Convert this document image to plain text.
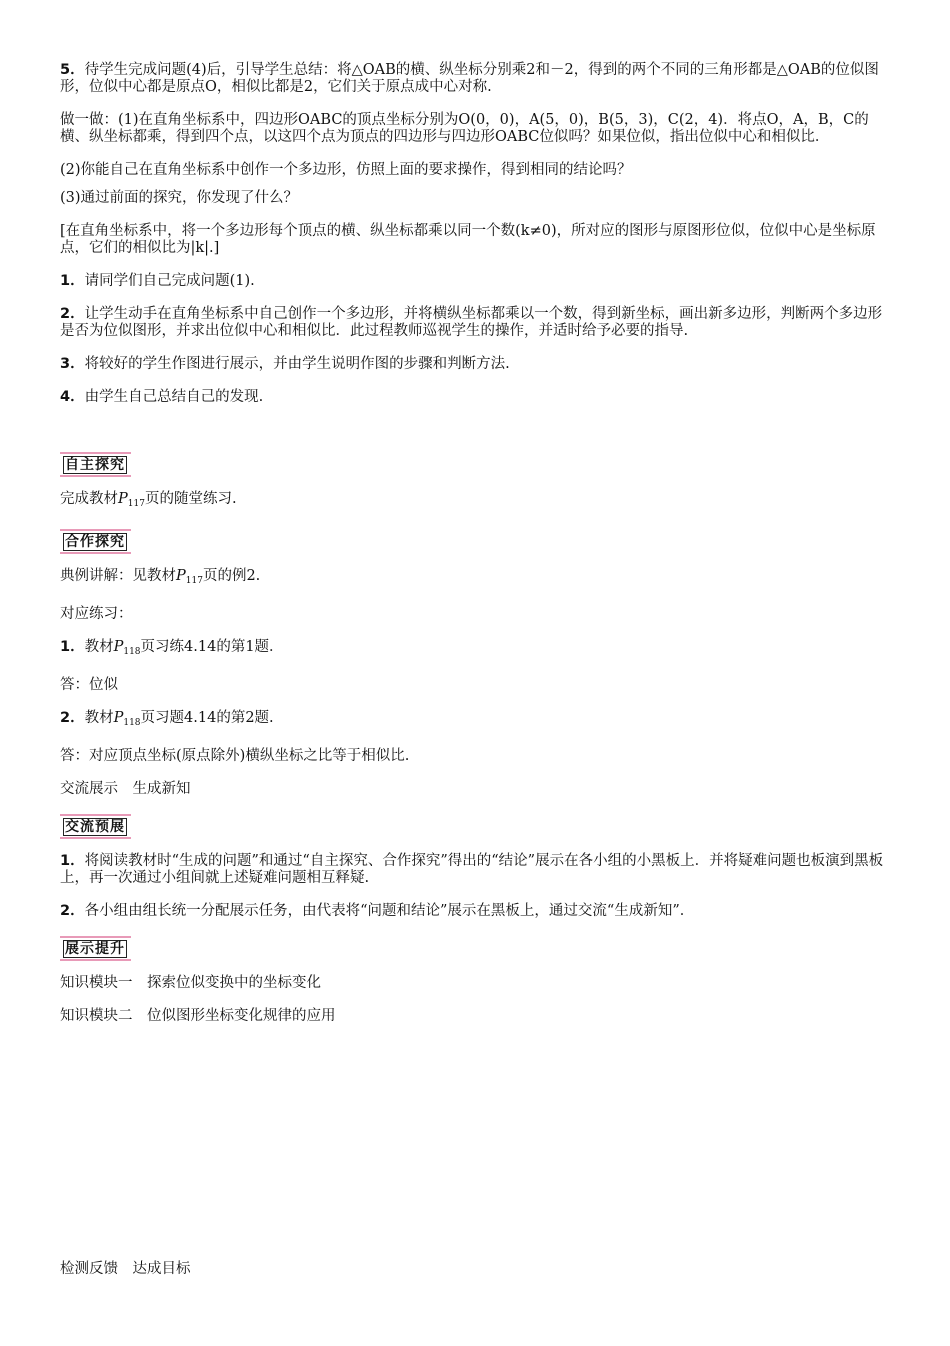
5．待学生完成问题(4)后，引导学生总结：将△OAB的横、纵坐标分别乘2和－2，得到的两个不同的三角形都是△OAB的位似图形，位似中心都是原点O，相似比都是2，它们关于原点成中心对称.

做一做：(1)在直角坐标系中，四边形OABC的顶点坐标分别为O(0，0)，A(5，0)，B(5，3)，C(2，4)．将点O，A，B，C的横、纵坐标都乘，得到四个点，以这四个点为顶点的四边形与四边形OABC位似吗？如果位似，指出位似中心和相似比．

(2)你能自己在直角坐标系中创作一个多边形，仿照上面的要求操作，得到相同的结论吗？

(3)通过前面的探究，你发现了什么？

[在直角坐标系中，将一个多边形每个顶点的横、纵坐标都乘以同一个数(k≠0)，所对应的图形与原图形位似，位似中心是坐标原点，它们的相似比为|k|.]

1．请同学们自己完成问题(1).

2．让学生动手在直角坐标系中自己创作一个多边形，并将横纵坐标都乘以一个数，得到新坐标，画出新多边形，判断两个多边形是否为位似图形，并求出位似中心和相似比．此过程教师巡视学生的操作，并适时给予必要的指导.

3．将较好的学生作图进行展示，并由学生说明作图的步骤和判断方法.

4．由学生自己总结自己的发现.

自主探究

完成教材$P_{117}$页的随堂练习.

合作探究

典例讲解：见教材$P_{117}$页的例2.

对应练习：

1．教材$P_{118}$页习练4.14的第1题．

答：位似

2．教材$P_{118}$页习题4.14的第2题.

答：对应顶点坐标(原点除外)横纵坐标之比等于相似比.

交流展示　生成新知

交流预展

1．将阅读教材时“生成的问题”和通过“自主探究、合作探究”得出的“结论”展示在各小组的小黑板上．并将疑难问题也板演到黑板上，再一次通过小组间就上述疑难问题相互释疑.

2．各小组由组长统一分配展示任务，由代表将“问题和结论”展示在黑板上，通过交流“生成新知”．

展示提升

知识模块一　探索位似变换中的坐标变化

知识模块二　位似图形坐标变化规律的应用

检测反馈　达成目标
